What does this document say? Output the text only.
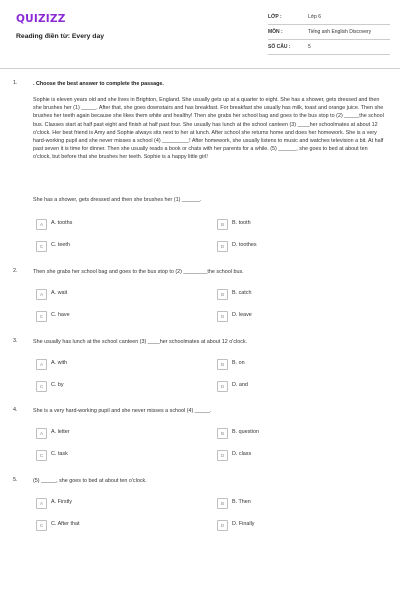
QUIZIZZ
Reading điền từ: Every day
LỚP :	Lớp 6
MÔN :	Tiếng anh English Discovery
SỐ CÂU :	5
1.	. Choose the best answer to complete the passage.
Sophie is eleven years old and she lives in Brighton, England. She usually gets up at a quarter to eight. She has a shower, gets dressed and then she brushes her (1) _____. After that, she goes downstairs and has breakfast. For breakfast she usually has milk, toast and orange juice. Then she brushes her teeth again because she likes them white and healthy! Then she grabs her school bag and goes to the bus stop to (2) _____the school bus. Classes start at half past eight and finish at half past four. She usually has lunch at the school canteen (3) ____her schoolmates at about 12 o'clock. Her best friend is Amy and Sophie always sits next to her at lunch. After school she returns home and does her homework. She is a very hard-working pupil and she never misses a school (4) _________! After homework, she usually listens to music and watches television a bit. At half past seven it is time for dinner. Then she usually reads a book or chats with her parents for a while. (5) ______, she goes to bed at about ten o'clock, but before that she brushes her teeth. Sophie is a happy little girl!
She has a shower, gets dressed and then she brushes her (1) ______.
A	A. tooths	B	B. tooth
C	C. teeth	D	D. toothes
2.	Then she grabs her school bag and goes to the bus stop to (2) ________the school bus.
A	A. wait	B	B. catch
C	C. have	D	D. leave
3.	She usually has lunch at the school canteen (3) ____her schoolmates at about 12 o'clock.
A	A. with	B	B. on
C	C. by	D	D. and
4.	She is a very hard-working pupil and she never misses a school (4) _____.
A	A. letter	B	B. question
C	C. task	D	D. class
5.	(5) _____, she goes to bed at about ten o'clock.
A	A. Firstly	B	B. Then
C	C. After that	D	D. Finally
